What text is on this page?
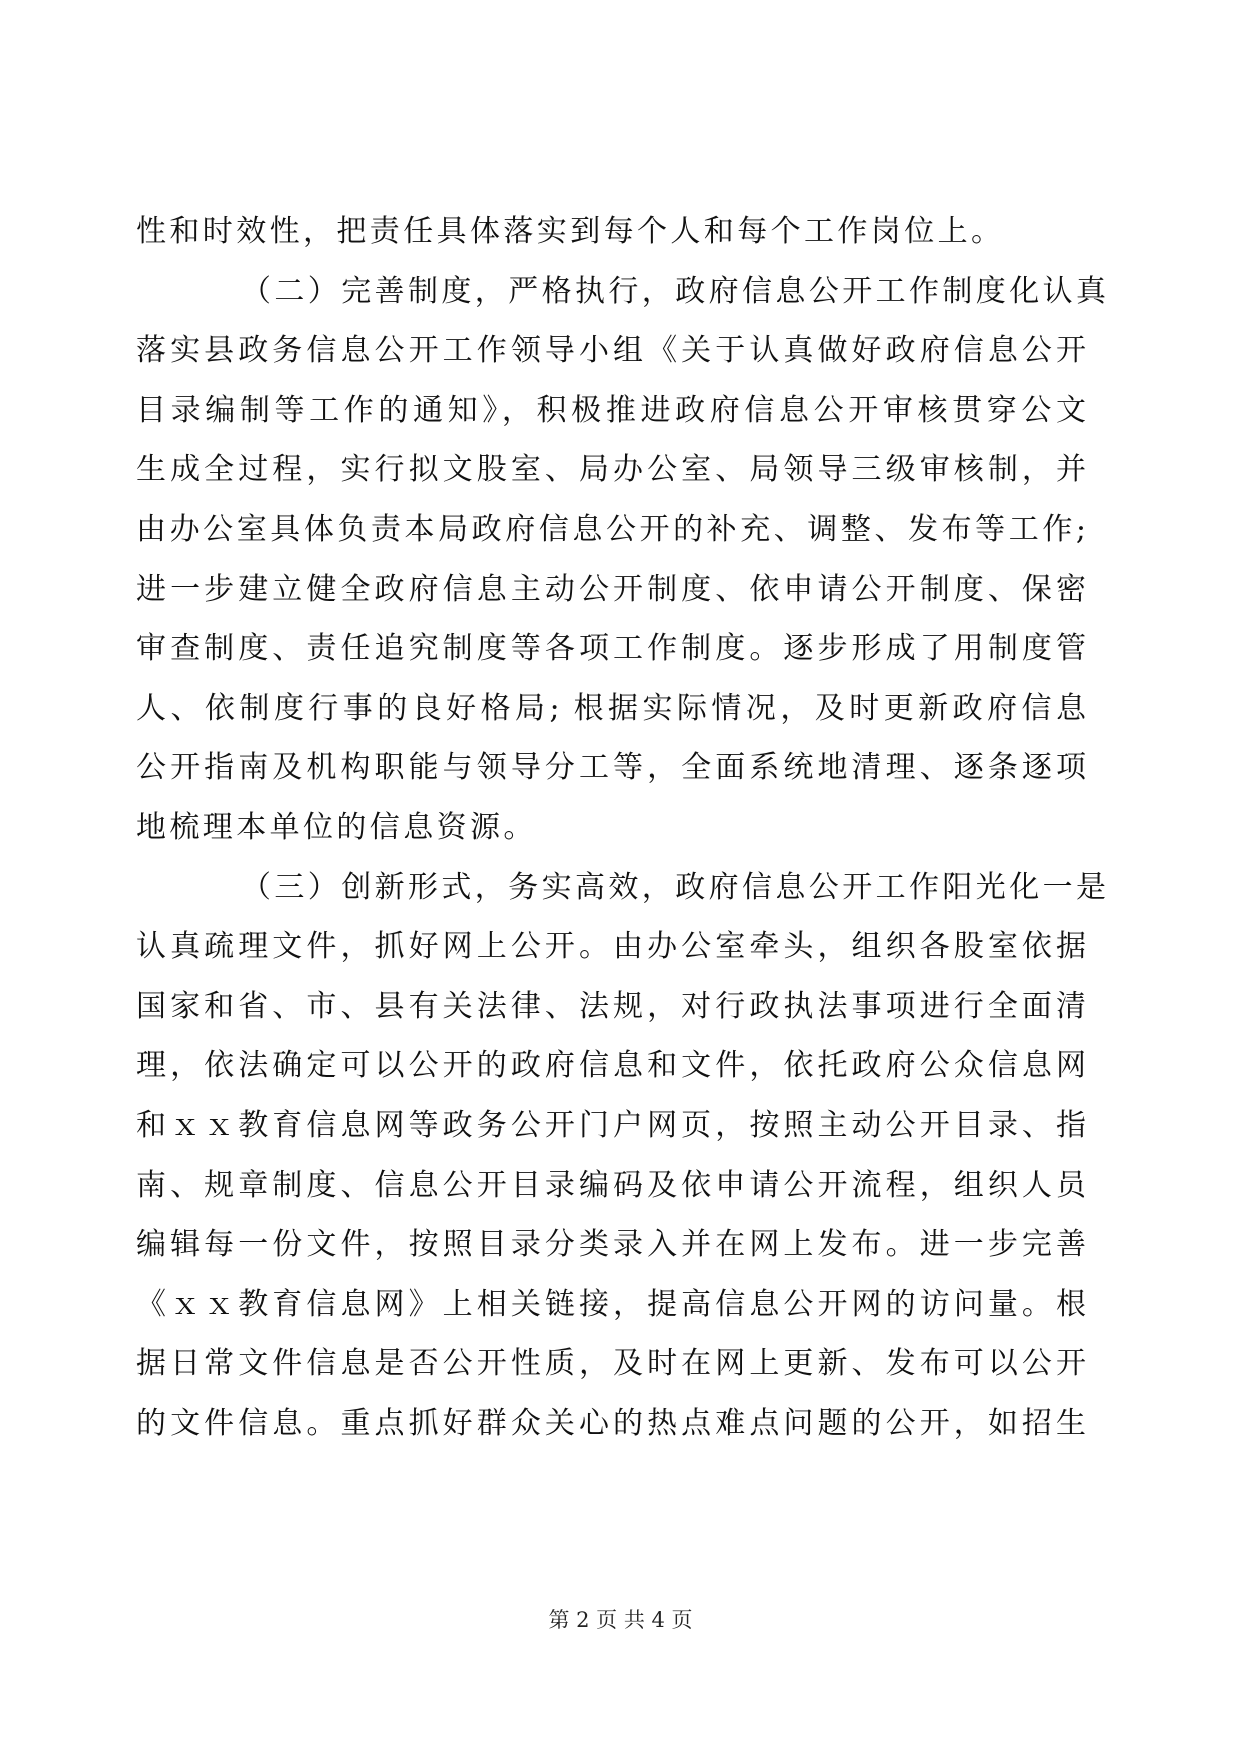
性和时效性，把责任具体落实到每个人和每个工作岗位上。
（二）完善制度，严格执行，政府信息公开工作制度化认真
落实县政务信息公开工作领导小组《关于认真做好政府信息公开
目录编制等工作的通知》，积极推进政府信息公开审核贯穿公文
生成全过程，实行拟文股室、局办公室、局领导三级审核制，并
由办公室具体负责本局政府信息公开的补充、调整、发布等工作;
进一步建立健全政府信息主动公开制度、依申请公开制度、保密
审查制度、责任追究制度等各项工作制度。逐步形成了用制度管
人、依制度行事的良好格局; 根据实际情况，及时更新政府信息
公开指南及机构职能与领导分工等，全面系统地清理、逐条逐项
地梳理本单位的信息资源。
（三）创新形式，务实高效，政府信息公开工作阳光化一是
认真疏理文件，抓好网上公开。由办公室牵头，组织各股室依据
国家和省、市、县有关法律、法规，对行政执法事项进行全面清
理，依法确定可以公开的政府信息和文件，依托政府公众信息网
和ｘｘ教育信息网等政务公开门户网页，按照主动公开目录、指
南、规章制度、信息公开目录编码及依申请公开流程，组织人员
编辑每一份文件，按照目录分类录入并在网上发布。进一步完善
《ｘｘ教育信息网》上相关链接，提高信息公开网的访问量。根
据日常文件信息是否公开性质，及时在网上更新、发布可以公开
的文件信息。重点抓好群众关心的热点难点问题的公开，如招生
第 2 页 共 4 页
